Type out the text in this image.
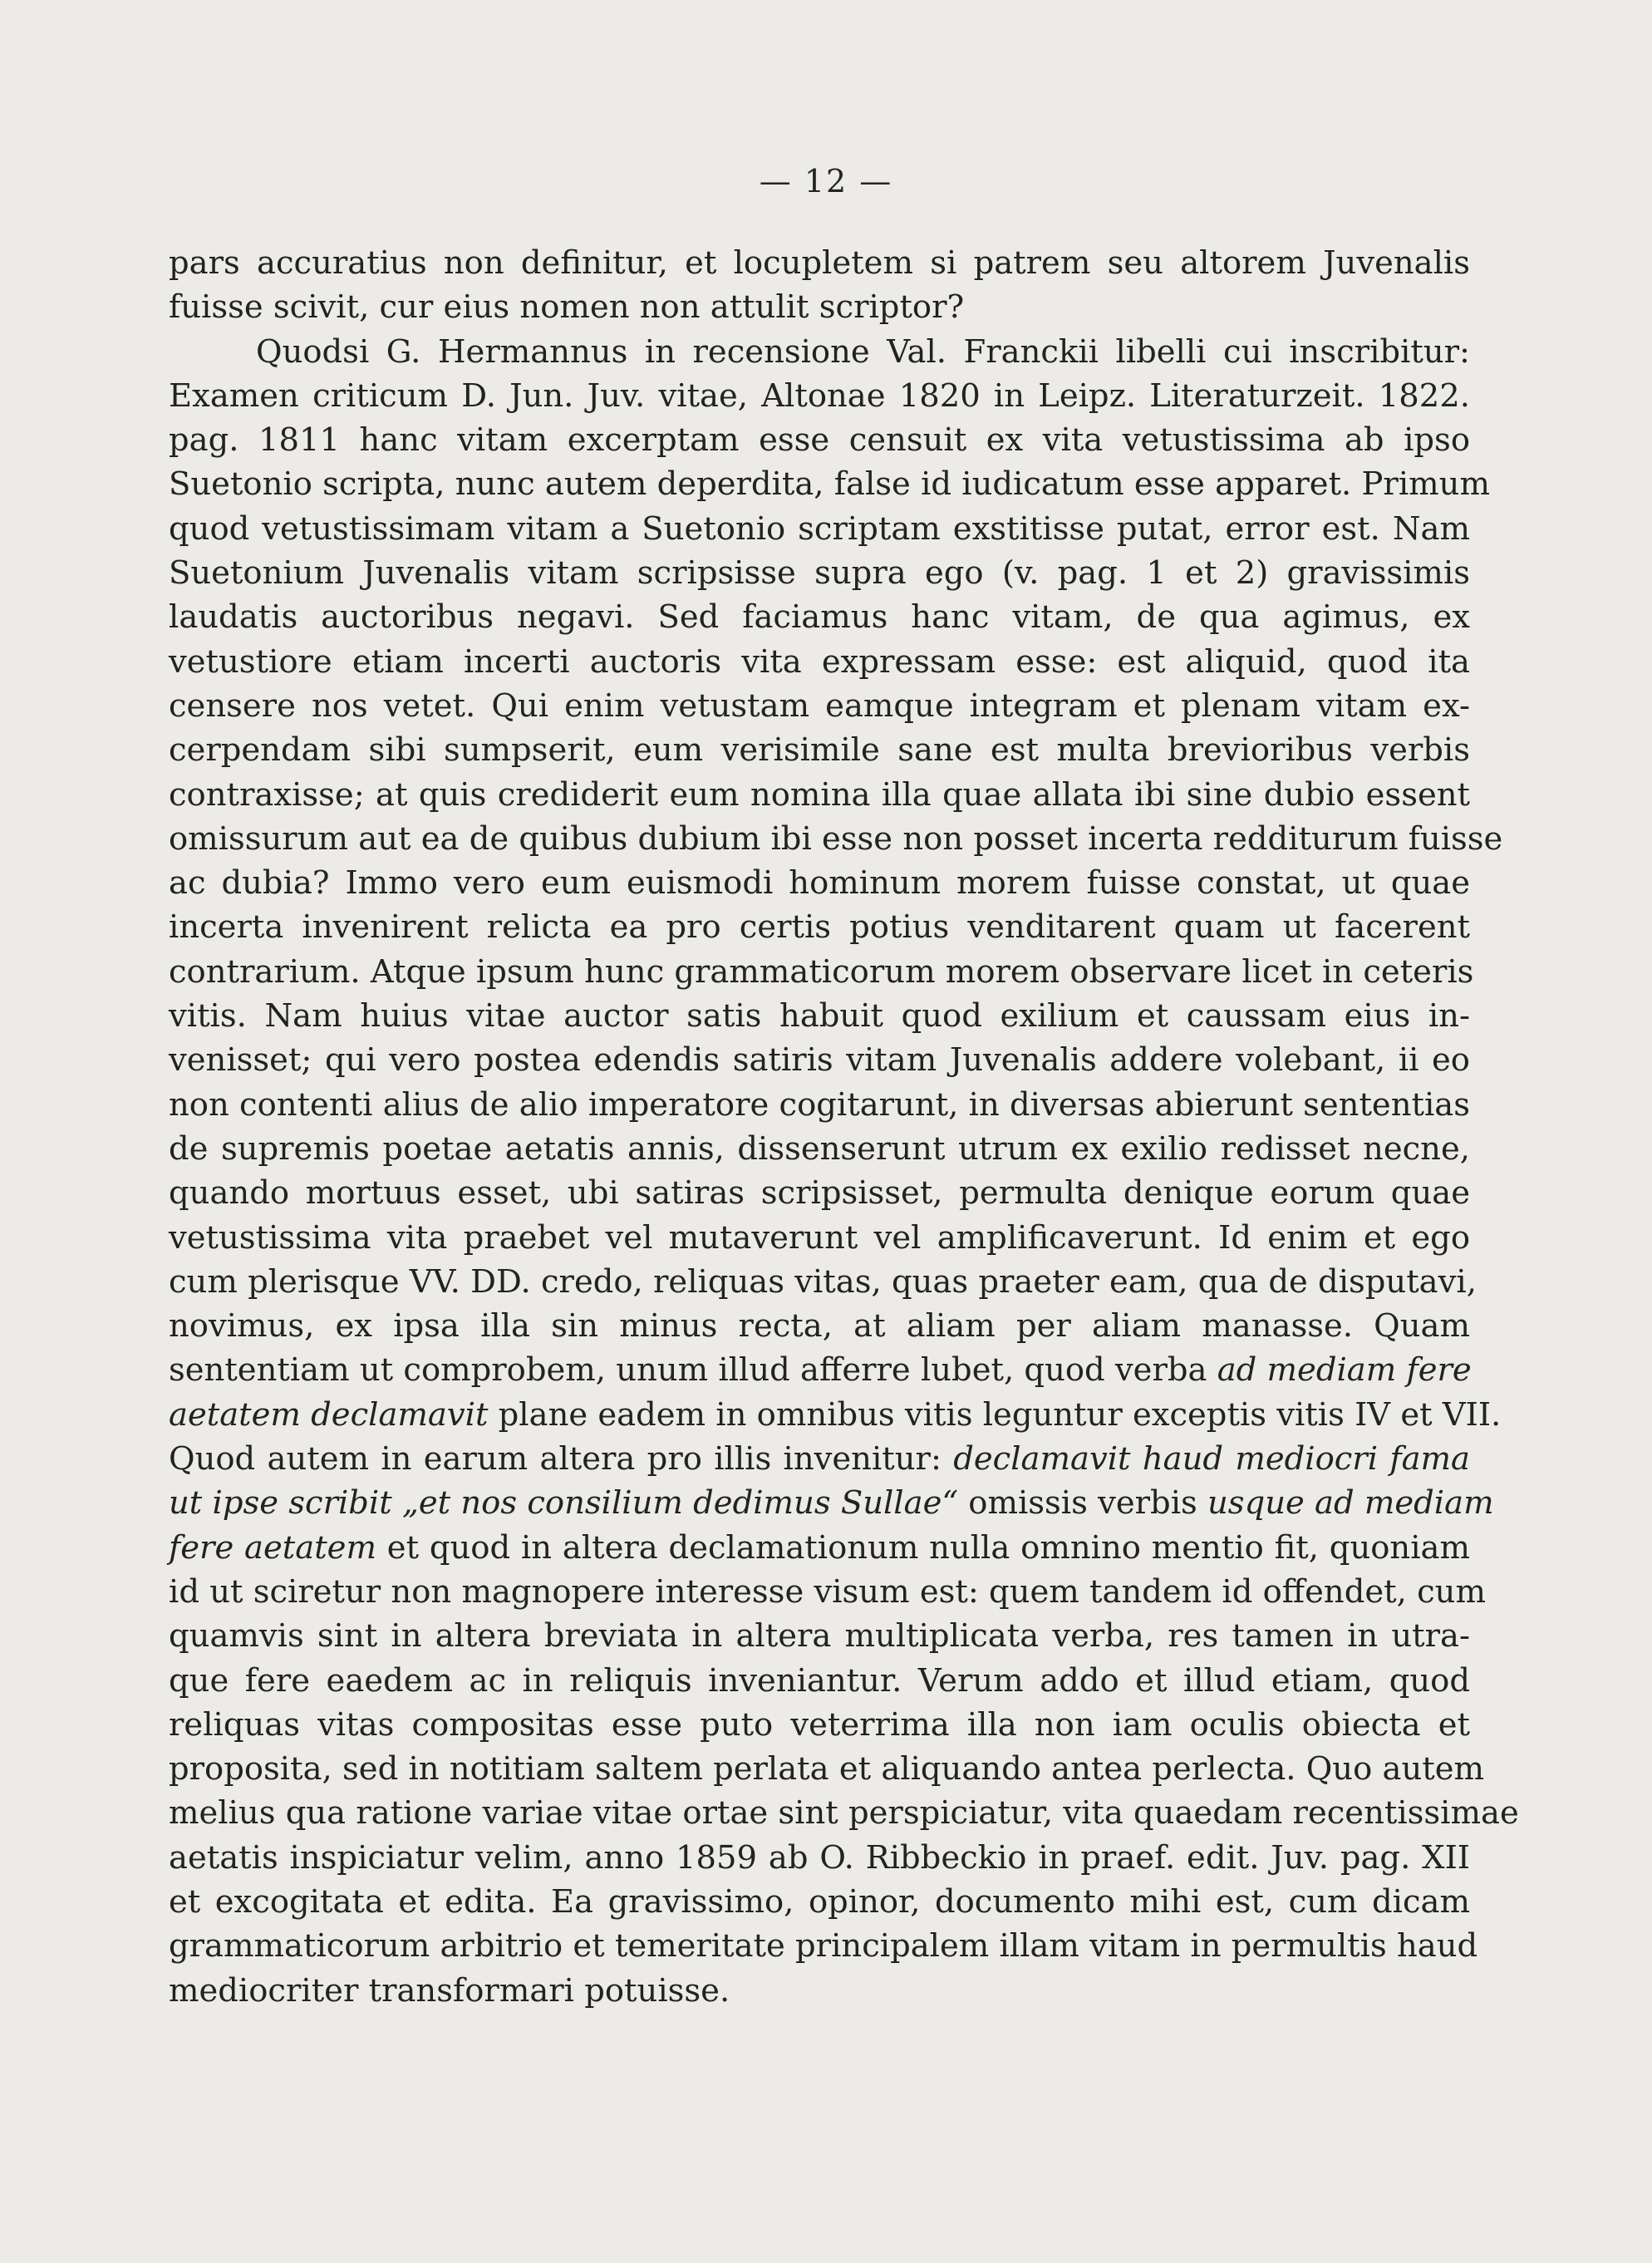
— 12 —
pars accuratius non definitur, et locupletem si patrem seu altorem Juvenalis
fuisse scivit, cur eius nomen non attulit scriptor?
Quodsi G. Hermannus in recensione Val. Franckii libelli cui inscribitur:
Examen criticum D. Jun. Juv. vitae, Altonae 1820 in Leipz. Literaturzeit. 1822.
pag. 1811 hanc vitam excerptam esse censuit ex vita vetustissima ab ipso
Suetonio scripta, nunc autem deperdita, false id iudicatum esse apparet. Primum
quod vetustissimam vitam a Suetonio scriptam exstitisse putat, error est. Nam
Suetonium Juvenalis vitam scripsisse supra ego (v. pag. 1 et 2) gravissimis
laudatis auctoribus negavi. Sed faciamus hanc vitam, de qua agimus, ex
vetustiore etiam incerti auctoris vita expressam esse: est aliquid, quod ita
censere nos vetet. Qui enim vetustam eamque integram et plenam vitam ex-
cerpendam sibi sumpserit, eum verisimile sane est multa brevioribus verbis
contraxisse; at quis crediderit eum nomina illa quae allata ibi sine dubio essent
omissurum aut ea de quibus dubium ibi esse non posset incerta redditurum fuisse
ac dubia? Immo vero eum euismodi hominum morem fuisse constat, ut quae
incerta invenirent relicta ea pro certis potius venditarent quam ut facerent
contrarium. Atque ipsum hunc grammaticorum morem observare licet in ceteris
vitis. Nam huius vitae auctor satis habuit quod exilium et caussam eius in-
venisset; qui vero postea edendis satiris vitam Juvenalis addere volebant, ii eo
non contenti alius de alio imperatore cogitarunt, in diversas abierunt sententias
de supremis poetae aetatis annis, dissenserunt utrum ex exilio redisset necne,
quando mortuus esset, ubi satiras scripsisset, permulta denique eorum quae
vetustissima vita praebet vel mutaverunt vel amplificaverunt. Id enim et ego
cum plerisque VV. DD. credo, reliquas vitas, quas praeter eam, qua de disputavi,
novimus, ex ipsa illa sin minus recta, at aliam per aliam manasse. Quam
sententiam ut comprobem, unum illud afferre lubet, quod verba ad mediam fere
aetatem declamavit plane eadem in omnibus vitis leguntur exceptis vitis IV et VII.
Quod autem in earum altera pro illis invenitur: declamavit haud mediocri fama
ut ipse scribit „et nos consilium dedimus Sullae“ omissis verbis usque ad mediam
fere aetatem et quod in altera declamationum nulla omnino mentio fit, quoniam
id ut sciretur non magnopere interesse visum est: quem tandem id offendet, cum
quamvis sint in altera breviata in altera multiplicata verba, res tamen in utra-
que fere eaedem ac in reliquis inveniantur. Verum addo et illud etiam, quod
reliquas vitas compositas esse puto veterrima illa non iam oculis obiecta et
proposita, sed in notitiam saltem perlata et aliquando antea perlecta. Quo autem
melius qua ratione variae vitae ortae sint perspiciatur, vita quaedam recentissimae
aetatis inspiciatur velim, anno 1859 ab O. Ribbeckio in praef. edit. Juv. pag. XII
et excogitata et edita. Ea gravissimo, opinor, documento mihi est, cum dicam
grammaticorum arbitrio et temeritate principalem illam vitam in permultis haud
mediocriter transformari potuisse.
